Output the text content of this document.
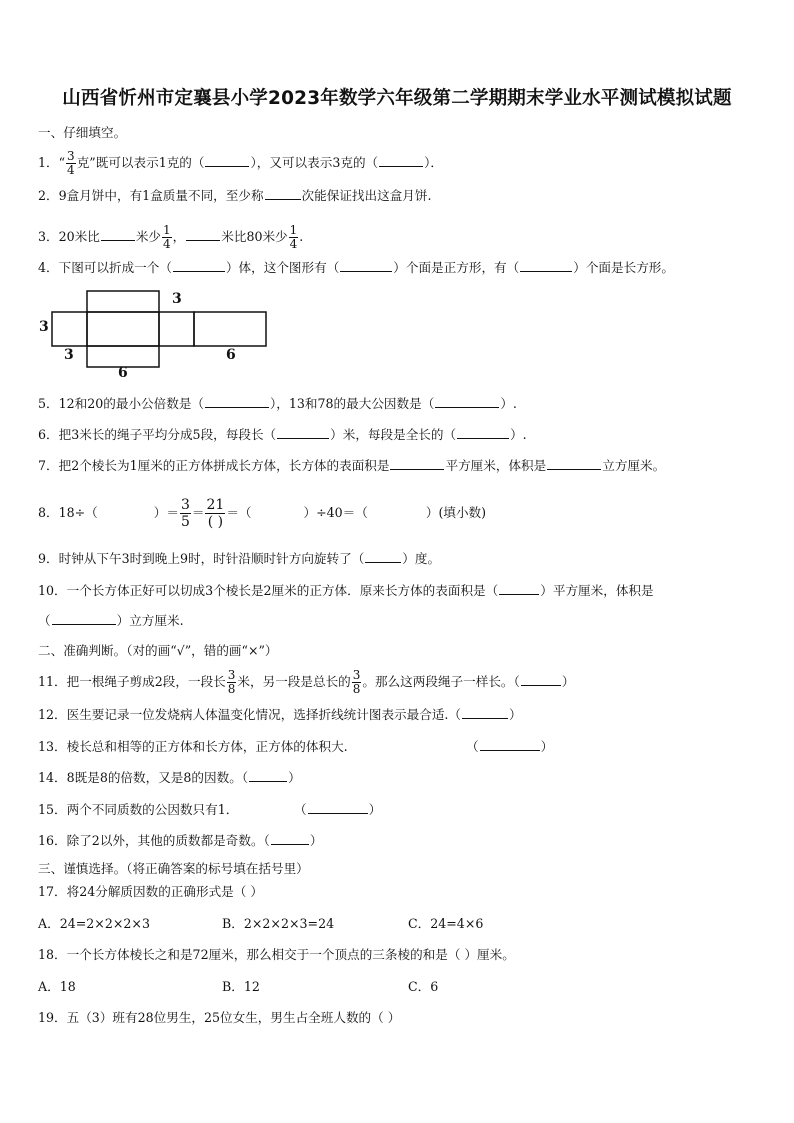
山西省忻州市定襄县小学2023年数学六年级第二学期期末学业水平测试模拟试题
一、仔细填空。
1．“ $\frac{3}{4}$ 克”既可以表示1克的（	），又可以表示3克的（	）．
2．9盒月饼中，有1盒质量不同，至少称	次能保证找出这盒月饼.
3．20米比	米少 $\frac{1}{4}$ ，	米比80米少 $\frac{1}{4}$ .
4．下图可以折成一个（	）体，这个图形有（	）个面是正方形，有（	）个面是长方形。
3
3
3	6
6
5．12和20的最小公倍数是（	），13和78的最大公因数是（	）.
6．把3米长的绳子平均分成5段，每段长（	）米，每段是全长的（	）.
7．把2个棱长为1厘米的正方体拼成长方体，长方体的表面积是	平方厘米，体积是	立方厘米。
8．18÷（	）＝ $\frac{3}{5} = \frac{21}{( )}$ ＝（	）÷40＝（	）(填小数)
9．时钟从下午3时到晚上9时，时针沿顺时针方向旋转了（	）度。
10．一个长方体正好可以切成3个棱长是2厘米的正方体．原来长方体的表面积是（	）平方厘米，体积是
（	）立方厘米.
二、准确判断。（对的画“√”，错的画“×”）
11．把一根绳子剪成2段，一段长 $\frac{3}{8}$ 米，另一段是总长的 $\frac{3}{8}$ 。那么这两段绳子一样长。（	）
12．医生要记录一位发烧病人体温变化情况，选择折线统计图表示最合适.（	）
13．棱长总和相等的正方体和长方体，正方体的体积大.	（	）
14．8既是8的倍数，又是8的因数。（	）
15．两个不同质数的公因数只有1．	（	）
16．除了2以外，其他的质数都是奇数。（	）
三、谨慎选择。（将正确答案的标号填在括号里）
17．将24分解质因数的正确形式是（ ）
A．24=2×2×2×3	B．2×2×2×3=24	C．24=4×6
18．一个长方体棱长之和是72厘米，那么相交于一个顶点的三条棱的和是（ ）厘米。
A．18	B．12	C．6
19．五（3）班有28位男生，25位女生，男生占全班人数的（ ）
